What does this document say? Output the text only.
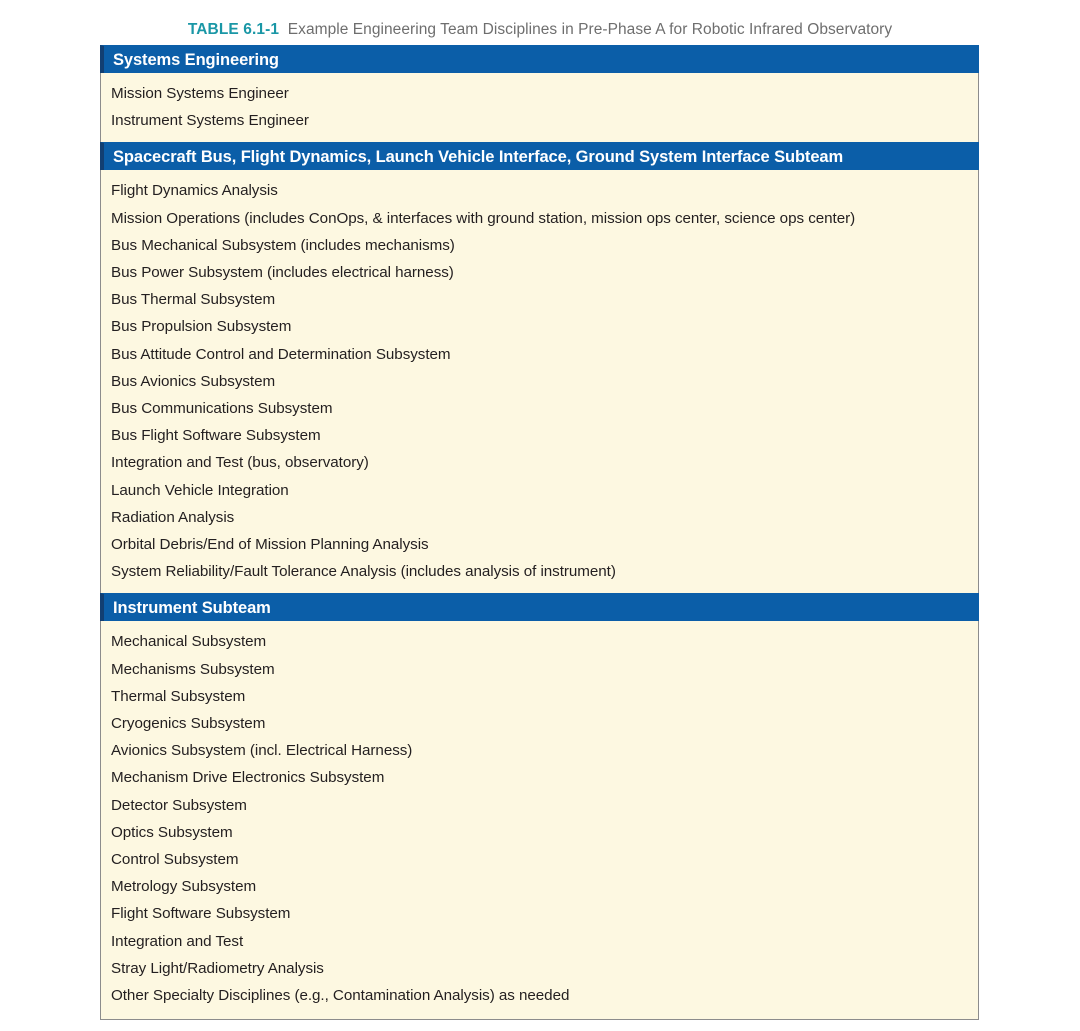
TABLE 6.1-1 Example Engineering Team Disciplines in Pre-Phase A for Robotic Infrared Observatory
Systems Engineering
Mission Systems Engineer
Instrument Systems Engineer
Spacecraft Bus, Flight Dynamics, Launch Vehicle Interface, Ground System Interface Subteam
Flight Dynamics Analysis
Mission Operations (includes ConOps, & interfaces with ground station, mission ops center, science ops center)
Bus Mechanical Subsystem (includes mechanisms)
Bus Power Subsystem (includes electrical harness)
Bus Thermal Subsystem
Bus Propulsion Subsystem
Bus Attitude Control and Determination Subsystem
Bus Avionics Subsystem
Bus Communications Subsystem
Bus Flight Software Subsystem
Integration and Test (bus, observatory)
Launch Vehicle Integration
Radiation Analysis
Orbital Debris/End of Mission Planning Analysis
System Reliability/Fault Tolerance Analysis (includes analysis of instrument)
Instrument Subteam
Mechanical Subsystem
Mechanisms Subsystem
Thermal Subsystem
Cryogenics Subsystem
Avionics Subsystem (incl. Electrical Harness)
Mechanism Drive Electronics Subsystem
Detector Subsystem
Optics Subsystem
Control Subsystem
Metrology Subsystem
Flight Software Subsystem
Integration and Test
Stray Light/Radiometry Analysis
Other Specialty Disciplines (e.g., Contamination Analysis) as needed
